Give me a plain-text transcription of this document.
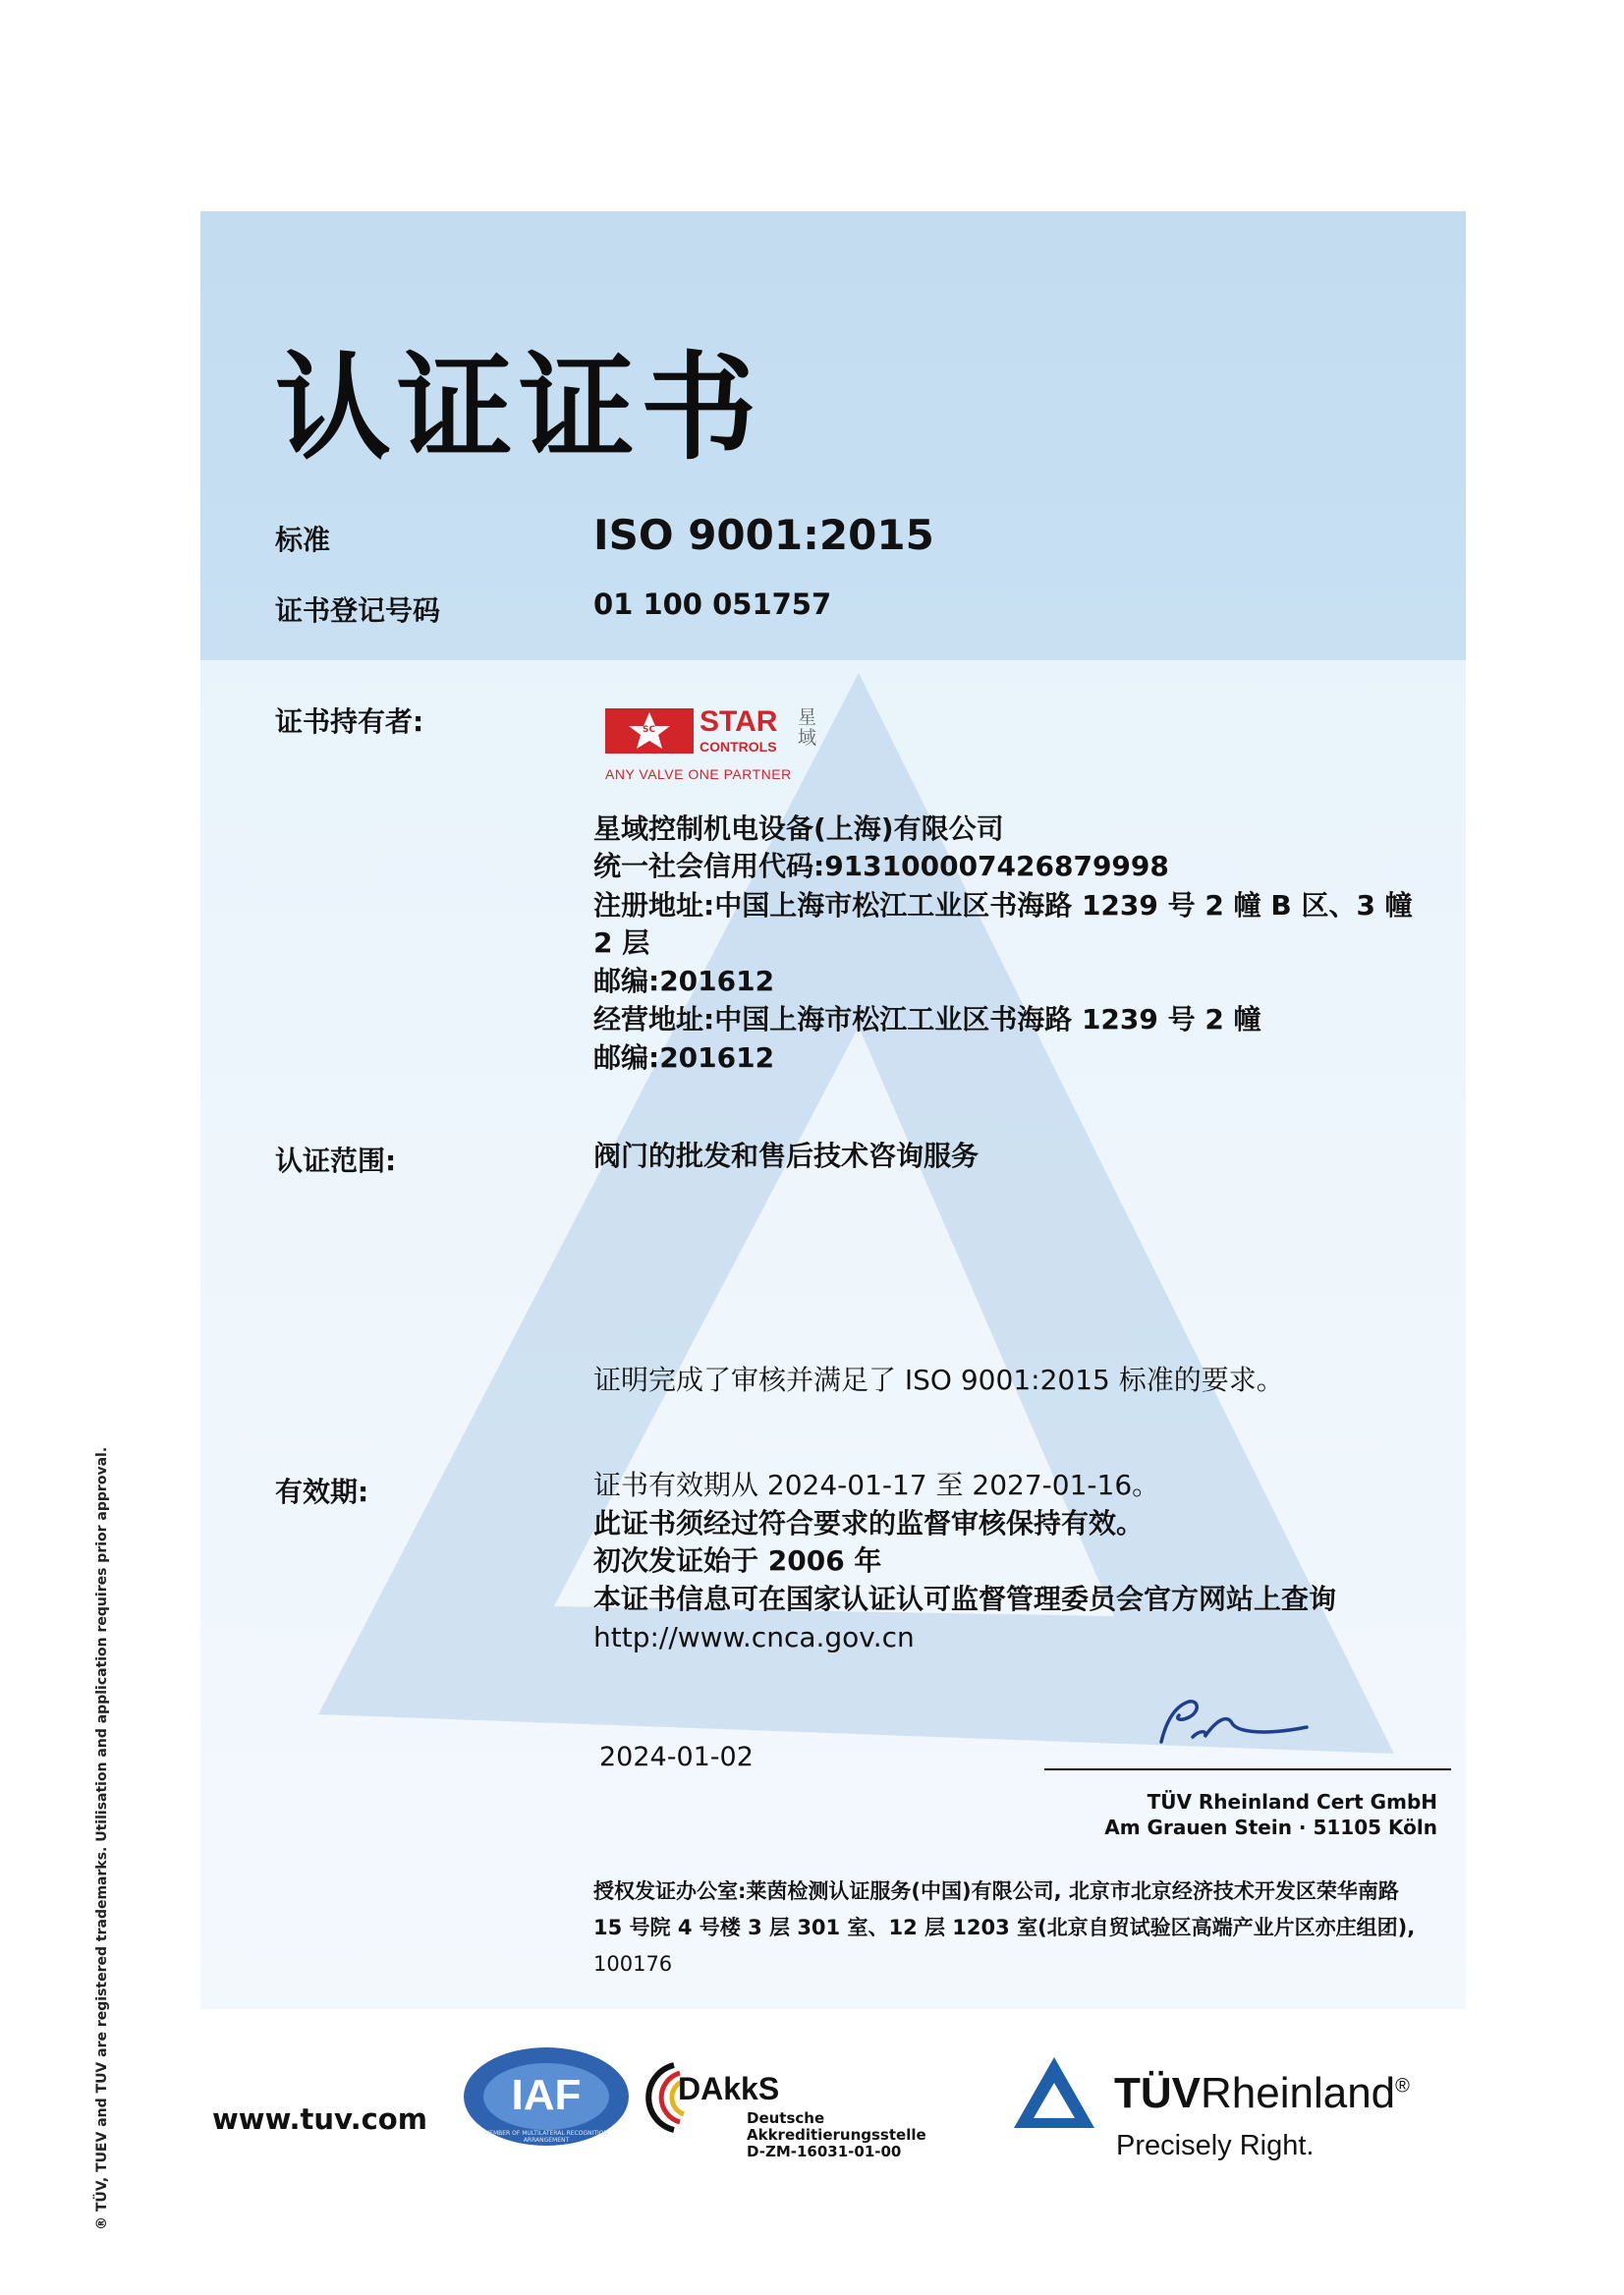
认证证书
标准	ISO 9001:2015
证书登记号码	01 100 051757
证书持有者:	SC STAR
CONTROLS
星域
ANY VALVE ONE PARTNER
星域控制机电设备(上海)有限公司
统一社会信用代码:913100007426879998
注册地址:中国上海市松江工业区书海路 1239 号 2 幢 B 区、3 幢
2 层
邮编:201612
经营地址:中国上海市松江工业区书海路 1239 号 2 幢
邮编:201612
认证范围:	阀门的批发和售后技术咨询服务
证明完成了审核并满足了 ISO 9001:2015 标准的要求。
有效期:	证书有效期从 2024-01-17 至 2027-01-16。
此证书须经过符合要求的监督审核保持有效。
初次发证始于 2006 年
本证书信息可在国家认证认可监督管理委员会官方网站上查询
http://www.cnca.gov.cn
2024-01-02
TÜV Rheinland Cert GmbH
Am Grauen Stein · 51105 Köln
授权发证办公室:莱茵检测认证服务(中国)有限公司, 北京市北京经济技术开发区荣华南路
15 号院 4 号楼 3 层 301 室、12 层 1203 室(北京自贸试验区高端产业片区亦庄组团),
100176
www.tuv.com	IAF
MEMBER OF MULTILATERAL RECOGNITION ARRANGEMENT
DAkkS
Deutsche
Akkreditierungsstelle
D-ZM-16031-01-00
TÜVRheinland®
Precisely Right.
® TÜV, TUEV and TUV are registered trademarks. Utilisation and application requires prior approval.
